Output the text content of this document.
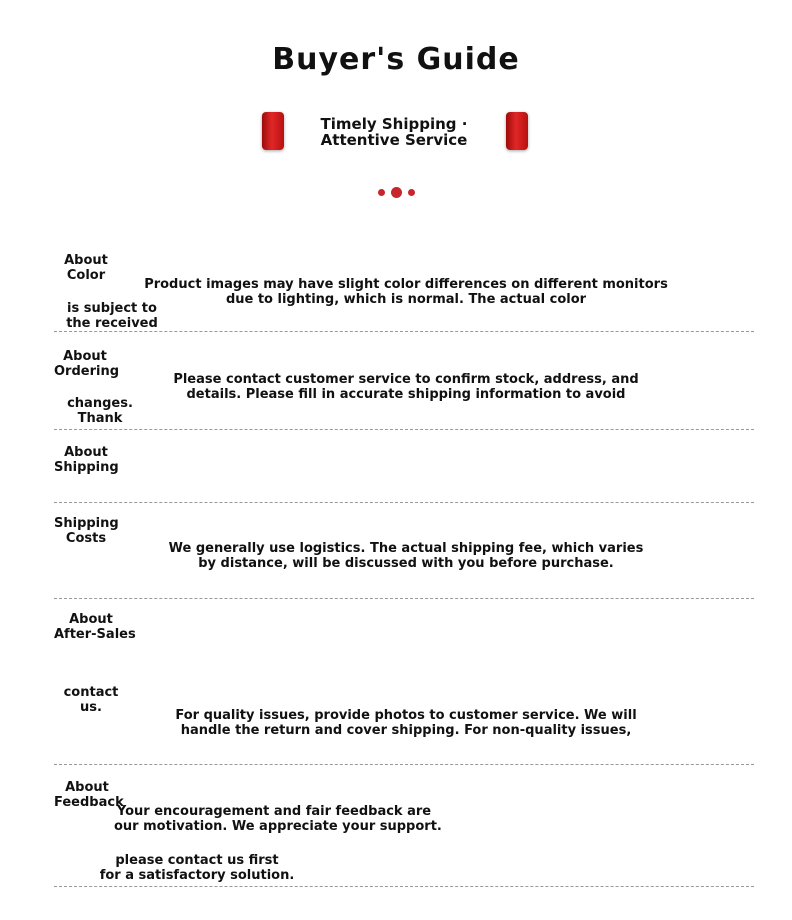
Buyer's Guide
Timely Shipping ·
Attentive Service
About
Color
Product images may have slight color differences on different monitors
due to lighting, which is normal. The actual color
is subject to
the received
About
Ordering
Please contact customer service to confirm stock, address, and
details. Please fill in accurate shipping information to avoid
changes.
Thank
About
Shipping
Shipping
Costs
We generally use logistics. The actual shipping fee, which varies
by distance, will be discussed with you before purchase.
About
After-Sales
contact
us.
For quality issues, provide photos to customer service. We will
handle the return and cover shipping. For non-quality issues,
About
Feedback
Your encouragement and fair feedback are
our motivation. We appreciate your support.
please contact us first
for a satisfactory solution.
